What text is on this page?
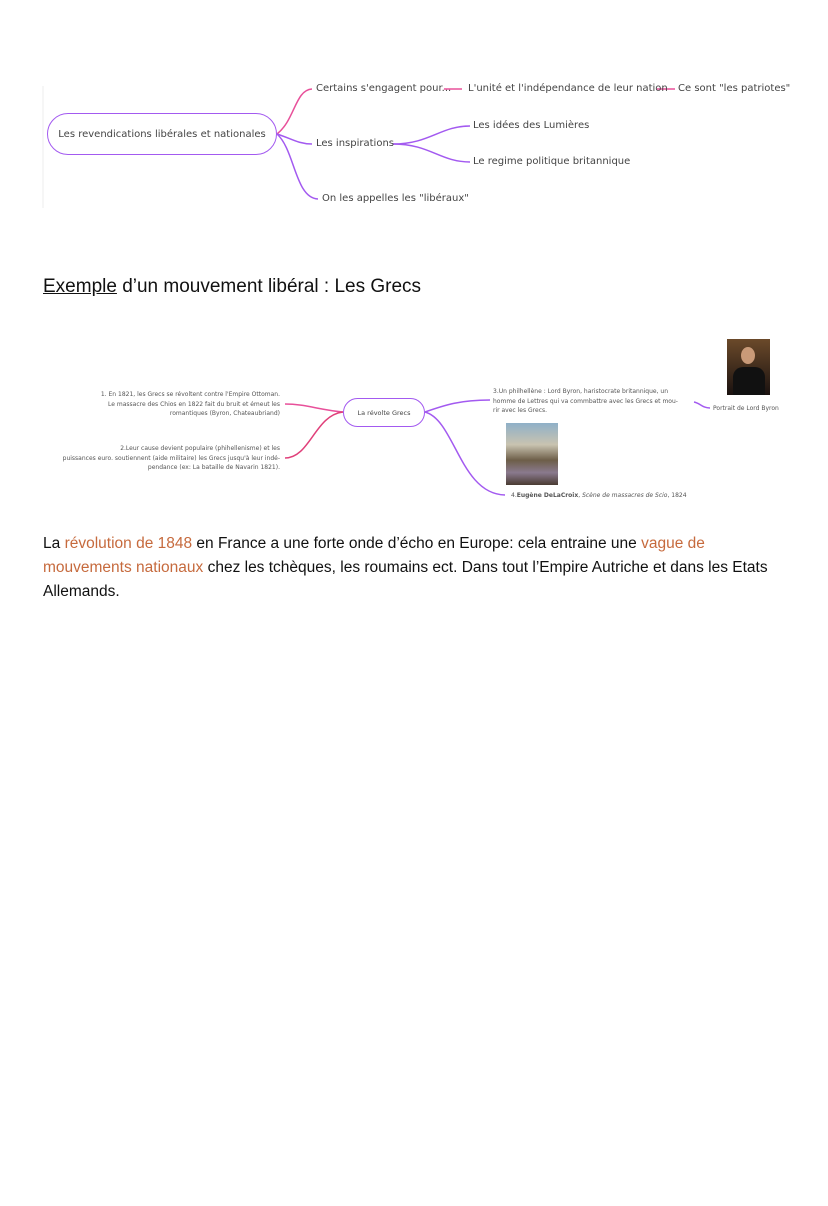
Les revendications libérales et nationales
Certains s'engagent pour... L'unité et l'indépendance de leur nation Ce sont "les patriotes"
Les inspirations
Les idées des Lumières
Le regime politique britannique
On les appelles les "libéraux"
Exemple d’un mouvement libéral : Les Grecs
La révolte Grecs
1. En 1821, les Grecs se révoltent contre l'Empire Ottoman.
Le massacre des Chios en 1822 fait du bruit et émeut les
romantiques (Byron, Chateaubriand)
2.Leur cause devient populaire (phihellenisme) et les
puissances euro. soutiennent (aide militaire) les Grecs jusqu'à leur indé-
pendance (ex: La bataille de Navarin 1821).
3.Un philhellène : Lord Byron, haristocrate britannique, un
homme de Lettres qui va commbattre avec les Grecs et mou-
rir avec les Grecs.	Portrait de Lord Byron
4.Eugène DeLaCroix, Scène de massacres de Scio, 1824
La révolution de 1848 en France a une forte onde d’écho en Europe: cela entraine une vague de mouvements nationaux chez les tchèques, les roumains ect. Dans tout l’Empire Autriche et dans les Etats Allemands.
